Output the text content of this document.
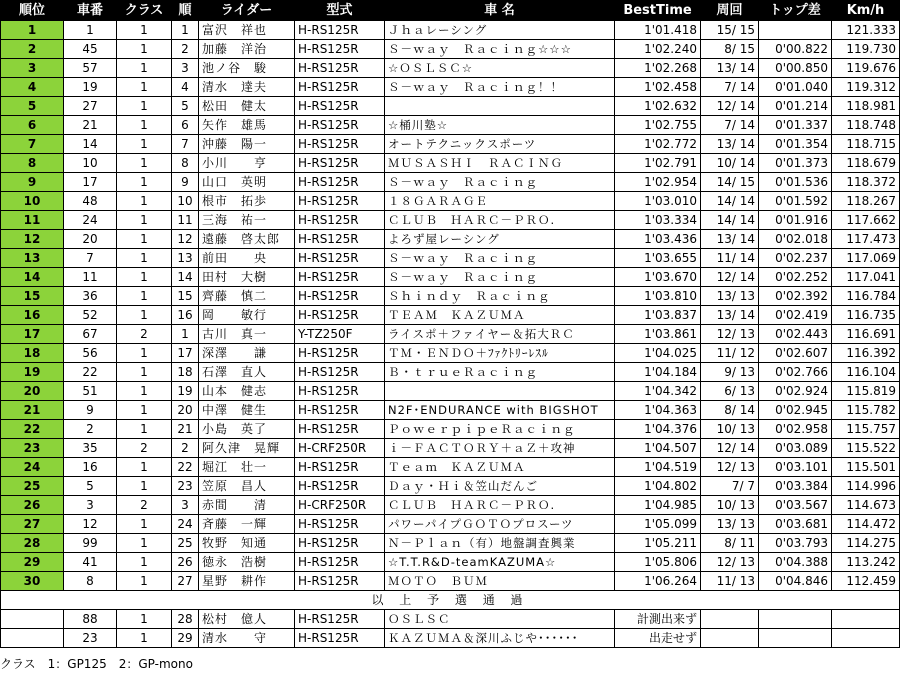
順位	車番	クラス	順	ライダー	型式	車 名	BestTime	周回	トップ差	Km/h
1	1	1	1	富沢　祥也	H-RS125R	Ｊｈａレーシング	1'01.418	15/ 15		121.333
2	45	1	2	加藤　洋治	H-RS125R	Ｓ－ｗａｙ　Ｒａｃｉｎｇ☆☆☆	1'02.240	8/ 15	0'00.822	119.730
3	57	1	3	池ノ谷　駿	H-RS125R	☆ＯＳＬＳＣ☆	1'02.268	13/ 14	0'00.850	119.676
4	19	1	4	清水　達夫	H-RS125R	Ｓ－ｗａｙ　Ｒａｃｉｎｇ！！	1'02.458	7/ 14	0'01.040	119.312
5	27	1	5	松田　健太	H-RS125R		1'02.632	12/ 14	0'01.214	118.981
6	21	1	6	矢作　雄馬	H-RS125R	☆桶川塾☆	1'02.755	7/ 14	0'01.337	118.748
7	14	1	7	沖藤　陽一	H-RS125R	オートテクニックスポーツ	1'02.772	13/ 14	0'01.354	118.715
8	10	1	8	小川　　亨	H-RS125R	ＭＵＳＡＳＨＩ　ＲＡＣＩＮＧ	1'02.791	10/ 14	0'01.373	118.679
9	17	1	9	山口　英明	H-RS125R	Ｓ－ｗａｙ　Ｒａｃｉｎｇ	1'02.954	14/ 15	0'01.536	118.372
10	48	1	10	根市　拓歩	H-RS125R	１８ＧＡＲＡＧＥ	1'03.010	14/ 14	0'01.592	118.267
11	24	1	11	三海　祐一	H-RS125R	ＣＬＵＢ　ＨＡＲＣ－ＰＲＯ.	1'03.334	14/ 14	0'01.916	117.662
12	20	1	12	遠藤　啓太郎	H-RS125R	よろず屋レーシング	1'03.436	13/ 14	0'02.018	117.473
13	7	1	13	前田　　央	H-RS125R	Ｓ－ｗａｙ　Ｒａｃｉｎｇ	1'03.655	11/ 14	0'02.237	117.069
14	11	1	14	田村　大樹	H-RS125R	Ｓ－ｗａｙ　Ｒａｃｉｎｇ	1'03.670	12/ 14	0'02.252	117.041
15	36	1	15	齊藤　慎二	H-RS125R	Ｓｈｉｎｄｙ　Ｒａｃｉｎｇ	1'03.810	13/ 13	0'02.392	116.784
16	52	1	16	岡　　敏行	H-RS125R	ＴＥＡＭ　ＫＡＺＵＭＡ	1'03.837	13/ 14	0'02.419	116.735
17	67	2	1	古川　真一	Y-TZ250F	ライスポ＋ファイヤー＆拓大ＲＣ	1'03.861	12/ 13	0'02.443	116.691
18	56	1	17	深澤　　謙	H-RS125R	ＴＭ・ＥＮＤＯ＋ﾌｧｸﾄﾘｰﾚｽﾙ	1'04.025	11/ 12	0'02.607	116.392
19	22	1	18	石澤　直人	H-RS125R	Ｂ・ｔｒｕｅＲａｃｉｎｇ	1'04.184	9/ 13	0'02.766	116.104
20	51	1	19	山本　健志	H-RS125R		1'04.342	6/ 13	0'02.924	115.819
21	9	1	20	中澤　健生	H-RS125R	N2F･ENDURANCE with BIGSHOT	1'04.363	8/ 14	0'02.945	115.782
22	2	1	21	小島　英了	H-RS125R	ＰｏｗｅｒｐｉｐｅＲａｃｉｎｇ	1'04.376	10/ 13	0'02.958	115.757
23	35	2	2	阿久津　晃輝	H-CRF250R	ｉ－ＦＡＣＴＯＲＹ＋ａＺ＋攻神	1'04.507	12/ 14	0'03.089	115.522
24	16	1	22	堀江　壮一	H-RS125R	Ｔｅａｍ　ＫＡＺＵＭＡ	1'04.519	12/ 13	0'03.101	115.501
25	5	1	23	笠原　昌人	H-RS125R	Ｄａｙ・Ｈｉ＆笠山だんご	1'04.802	7/ 7	0'03.384	114.996
26	3	2	3	赤間　　清	H-CRF250R	ＣＬＵＢ　ＨＡＲＣ－ＰＲＯ.	1'04.985	10/ 13	0'03.567	114.673
27	12	1	24	斉藤　一輝	H-RS125R	パワーパイプＧＯＴＯプロスーツ	1'05.099	13/ 13	0'03.681	114.472
28	99	1	25	牧野　知通	H-RS125R	Ｎ－Ｐｌａｎ（有）地盤調査興業	1'05.211	8/ 11	0'03.793	114.275
29	41	1	26	徳永　浩樹	H-RS125R	☆T.T.R&D-teamKAZUMA☆	1'05.806	12/ 13	0'04.388	113.242
30	8	1	27	星野　耕作	H-RS125R	ＭＯＴＯ　ＢＵＭ	1'06.264	11/ 13	0'04.846	112.459
以 上 予 選 通 過										
	88	1	28	松村　億人	H-RS125R	ＯＳＬＳＣ	計測出来ず			
	23	1	29	清水　　守	H-RS125R	ＫＡＺＵＭＡ＆深川ふじや･･････	出走せず			
クラス　1：GP125　2：GP-mono
